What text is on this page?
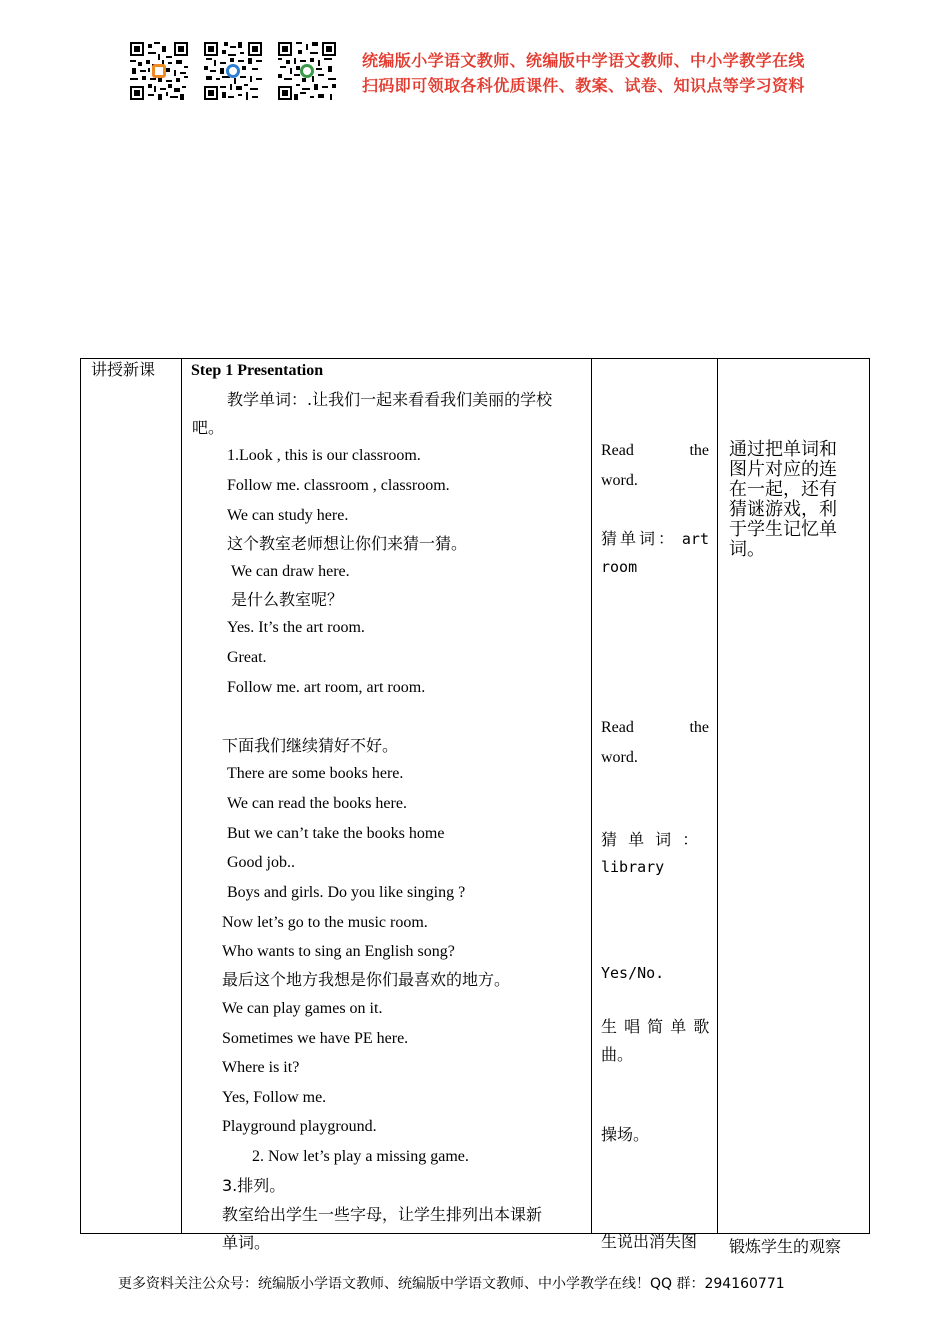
统编版小学语文教师、统编版中学语文教师、中小学教学在线
扫码即可领取各科优质课件、教案、试卷、知识点等学习资料
讲授新课 Step 1 Presentation
教学单词：.让我们一起来看看我们美丽的学校
吧。
1.Look , this is our classroom.
Follow me. classroom , classroom.
We can study here.
这个教室老师想让你们来猜一猜。
We can draw here.
是什么教室呢？
Yes. It’s the art room.
Great.
Follow me. art room, art room.
下面我们继续猜好不好。
There are some books here.
We can read the books here.
But we can’t take the books home
Good job..
Boys and girls. Do you like singing ?
Now let’s go to the music room.
Who wants to sing an English song?
最后这个地方我想是你们最喜欢的地方。
We can play games on it.
Sometimes we have PE here.
Where is it?
Yes, Follow me.
Playground playground.
2. Now let’s play a missing game.
3.排列。
教室给出学生一些字母，让学生排列出本课新
单词。
Read	the
word.
猜单词： art
room
Read	the
word.
猜 单 词 ：
library
Yes/No.
生 唱 简 单 歌
曲。
操场。
生说出消失图
通过把单词和图片对应的连在一起，还有猜谜游戏，利于学生记忆单词。
锻炼学生的观察
更多资料关注公众号：统编版小学语文教师、统编版中学语文教师、中小学教学在线！QQ 群：294160771
